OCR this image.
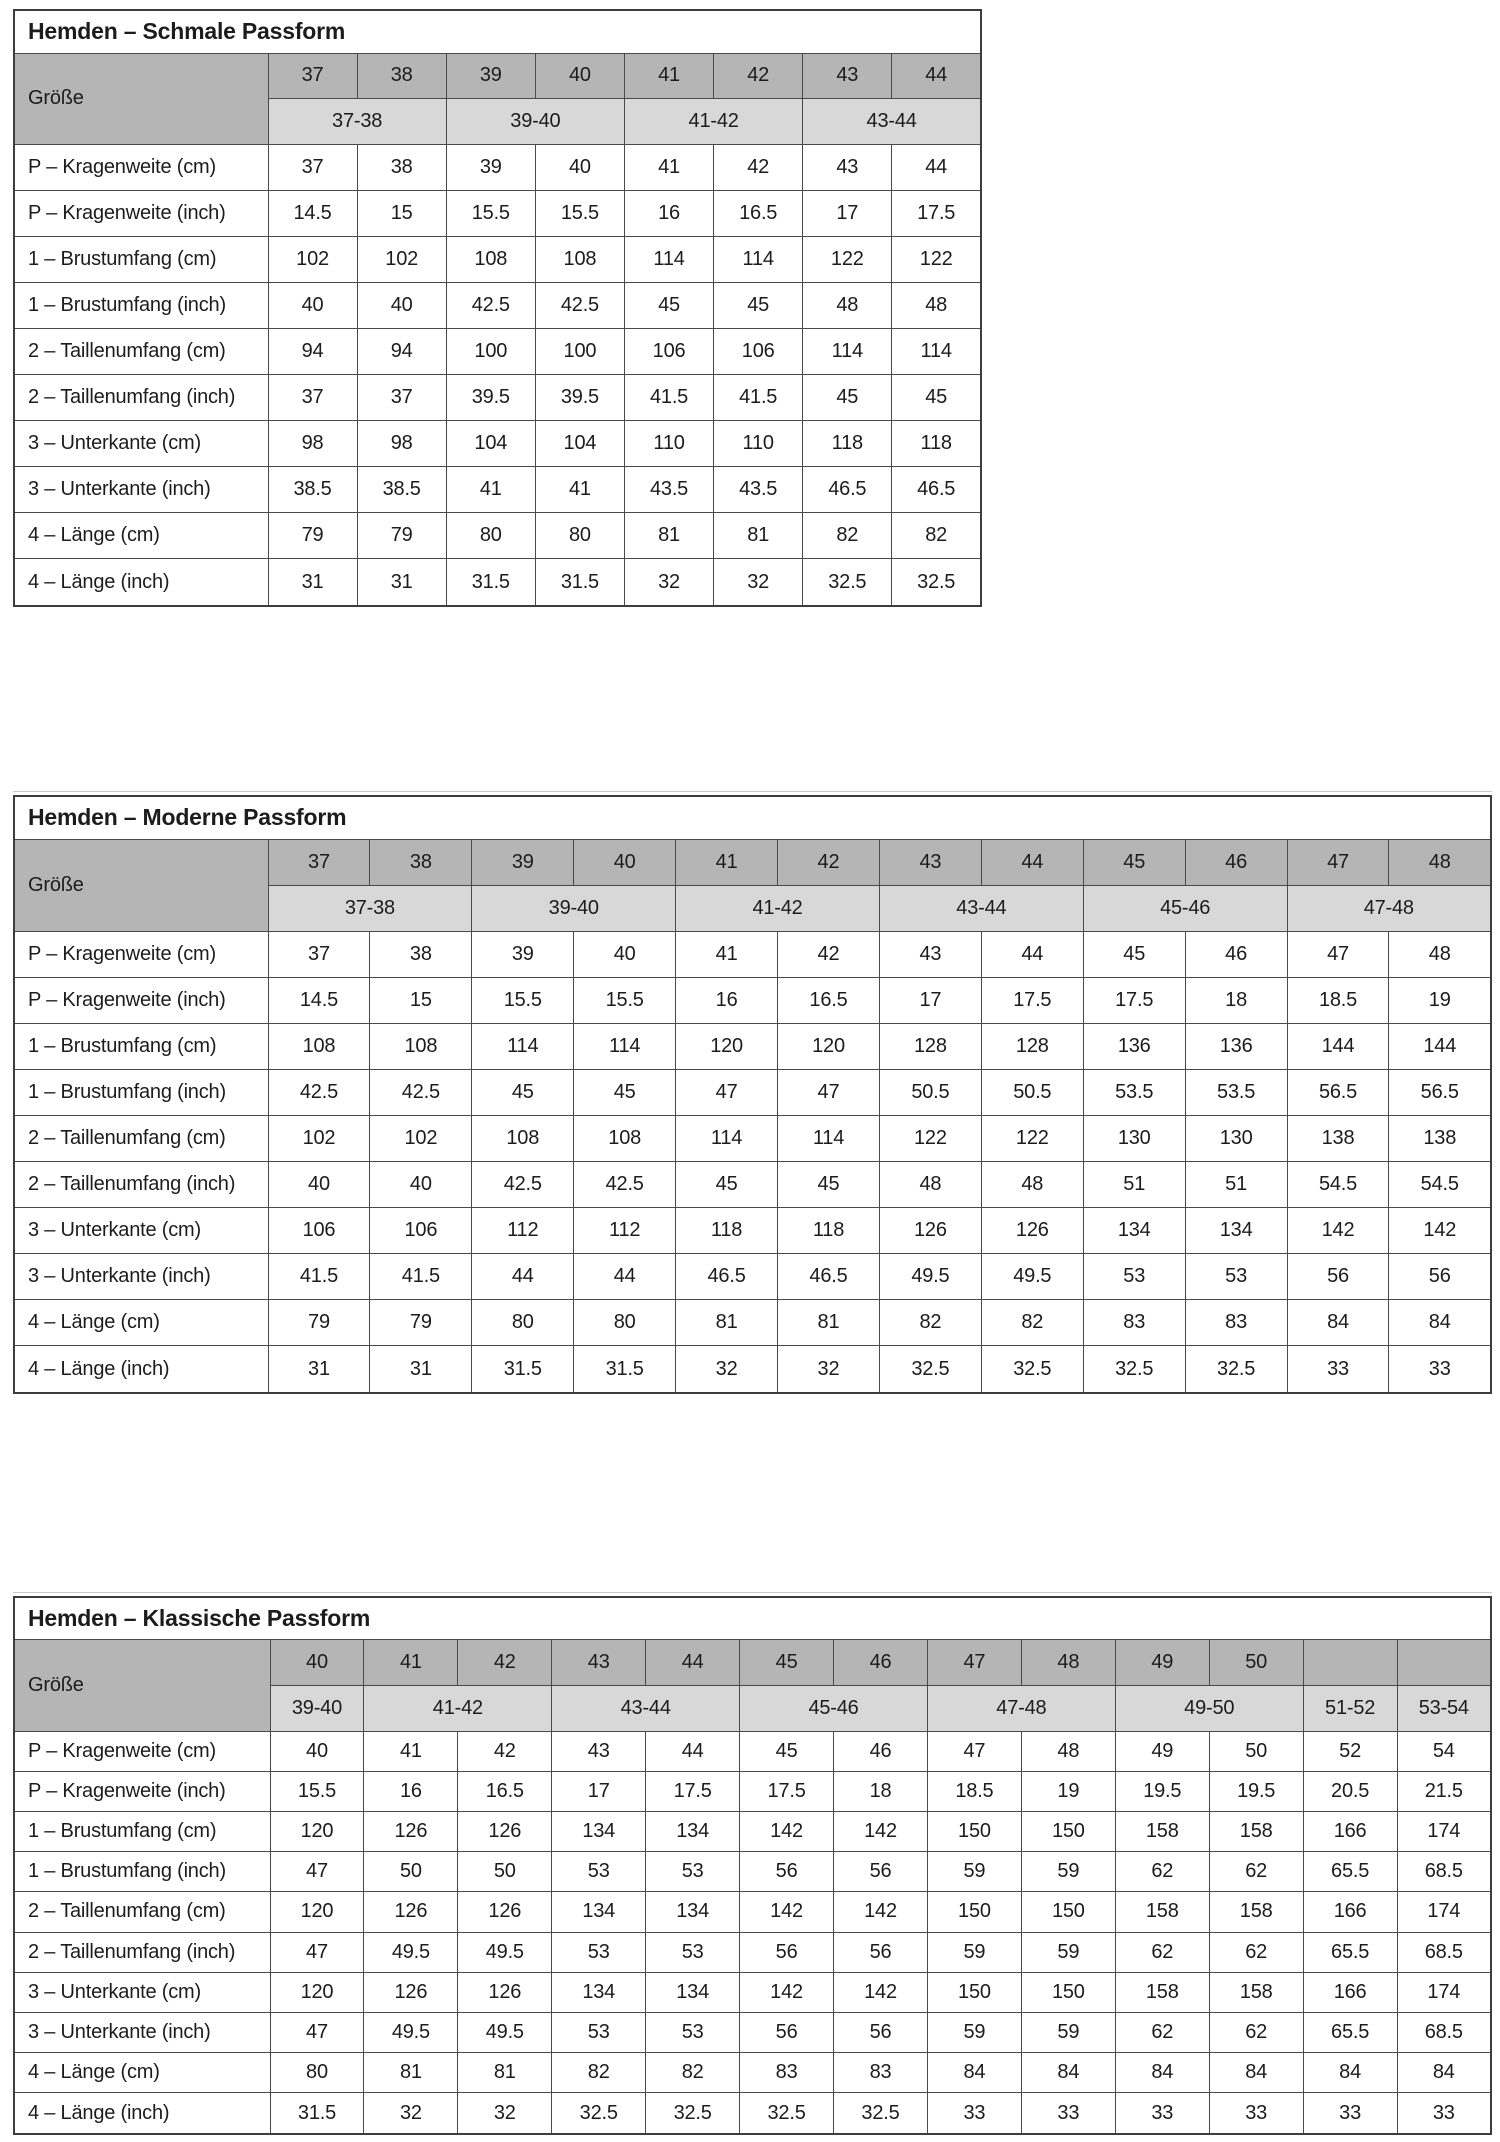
Hemden – Schmale Passform								
Größe	37	38	39	40	41	42	43	44
	37-38		39-40		41-42		43-44	
P – Kragenweite (cm)	37	38	39	40	41	42	43	44
P – Kragenweite (inch)	14.5	15	15.5	15.5	16	16.5	17	17.5
1 – Brustumfang (cm)	102	102	108	108	114	114	122	122
1 – Brustumfang (inch)	40	40	42.5	42.5	45	45	48	48
2 – Taillenumfang (cm)	94	94	100	100	106	106	114	114
2 – Taillenumfang (inch)	37	37	39.5	39.5	41.5	41.5	45	45
3 – Unterkante (cm)	98	98	104	104	110	110	118	118
3 – Unterkante (inch)	38.5	38.5	41	41	43.5	43.5	46.5	46.5
4 – Länge (cm)	79	79	80	80	81	81	82	82
4 – Länge (inch)	31	31	31.5	31.5	32	32	32.5	32.5
Hemden – Moderne Passform												
Größe	37	38	39	40	41	42	43	44	45	46	47	48
	37-38		39-40		41-42		43-44		45-46		47-48	
P – Kragenweite (cm)	37	38	39	40	41	42	43	44	45	46	47	48
P – Kragenweite (inch)	14.5	15	15.5	15.5	16	16.5	17	17.5	17.5	18	18.5	19
1 – Brustumfang (cm)	108	108	114	114	120	120	128	128	136	136	144	144
1 – Brustumfang (inch)	42.5	42.5	45	45	47	47	50.5	50.5	53.5	53.5	56.5	56.5
2 – Taillenumfang (cm)	102	102	108	108	114	114	122	122	130	130	138	138
2 – Taillenumfang (inch)	40	40	42.5	42.5	45	45	48	48	51	51	54.5	54.5
3 – Unterkante (cm)	106	106	112	112	118	118	126	126	134	134	142	142
3 – Unterkante (inch)	41.5	41.5	44	44	46.5	46.5	49.5	49.5	53	53	56	56
4 – Länge (cm)	79	79	80	80	81	81	82	82	83	83	84	84
4 – Länge (inch)	31	31	31.5	31.5	32	32	32.5	32.5	32.5	32.5	33	33
Hemden – Klassische Passform													
Größe	40	41	42	43	44	45	46	47	48	49	50		
	39-40	41-42		43-44		45-46		47-48		49-50		51-52	53-54
P – Kragenweite (cm)	40	41	42	43	44	45	46	47	48	49	50	52	54
P – Kragenweite (inch)	15.5	16	16.5	17	17.5	17.5	18	18.5	19	19.5	19.5	20.5	21.5
1 – Brustumfang (cm)	120	126	126	134	134	142	142	150	150	158	158	166	174
1 – Brustumfang (inch)	47	50	50	53	53	56	56	59	59	62	62	65.5	68.5
2 – Taillenumfang (cm)	120	126	126	134	134	142	142	150	150	158	158	166	174
2 – Taillenumfang (inch)	47	49.5	49.5	53	53	56	56	59	59	62	62	65.5	68.5
3 – Unterkante (cm)	120	126	126	134	134	142	142	150	150	158	158	166	174
3 – Unterkante (inch)	47	49.5	49.5	53	53	56	56	59	59	62	62	65.5	68.5
4 – Länge (cm)	80	81	81	82	82	83	83	84	84	84	84	84	84
4 – Länge (inch)	31.5	32	32	32.5	32.5	32.5	32.5	33	33	33	33	33	33
